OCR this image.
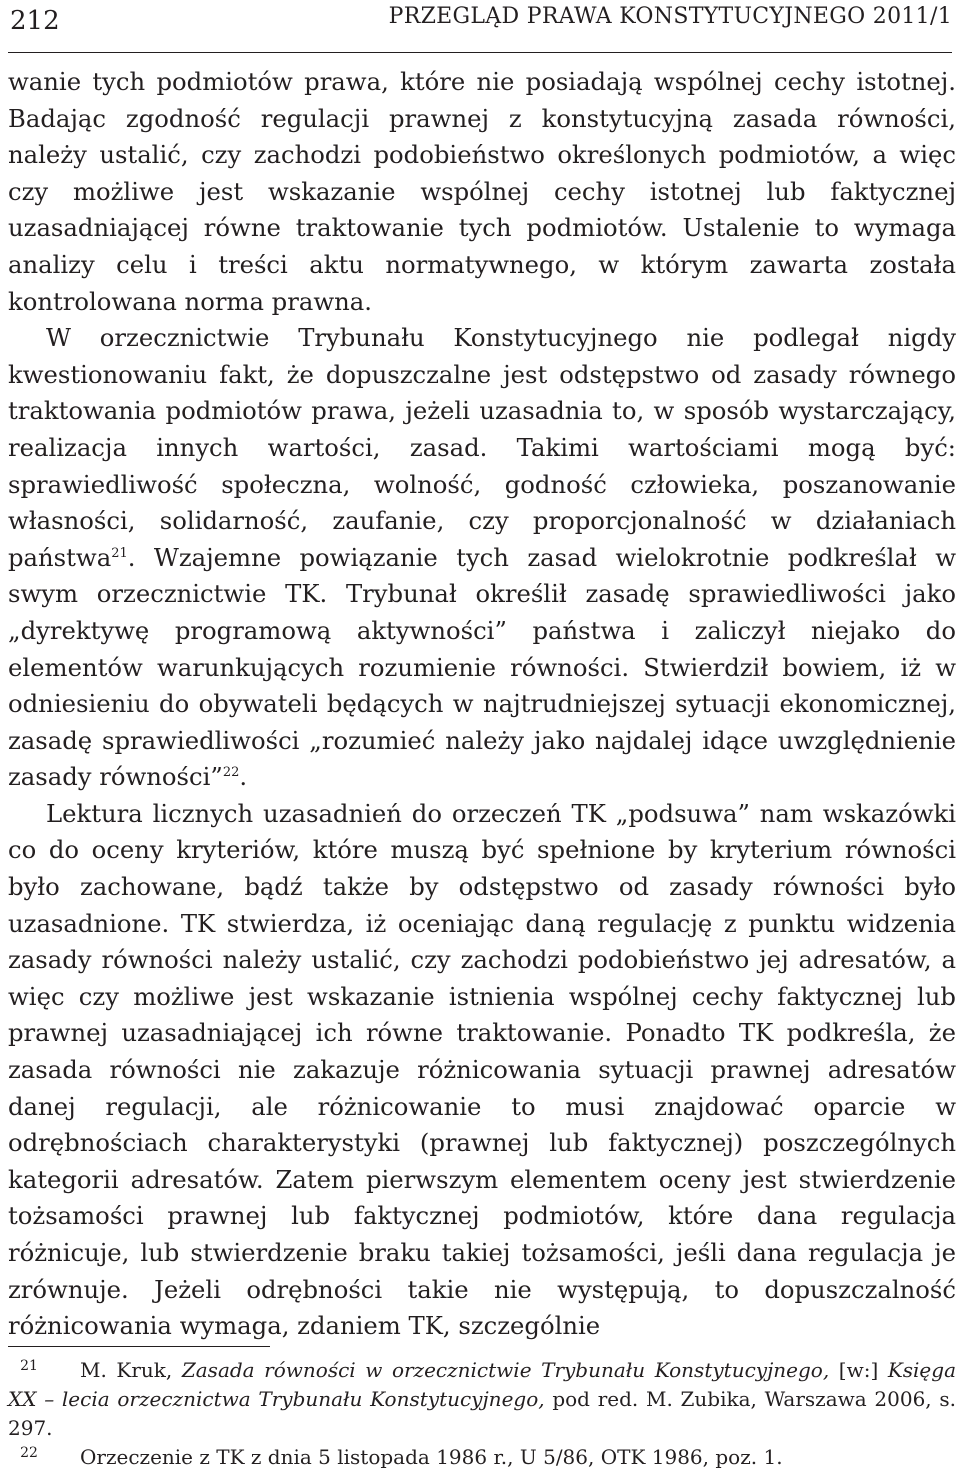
212	PRZEGLĄD PRAWA KONSTYTUCYJNEGO 2011/1

wanie tych podmiotów prawa, które nie posiadają wspólnej cechy istotnej. Badając zgodność regulacji prawnej z konstytucyjną zasada równości, należy ustalić, czy zachodzi podobieństwo określonych podmiotów, a więc czy możliwe jest wskazanie wspólnej cechy istotnej lub faktycznej uzasadniającej równe traktowanie tych podmiotów. Ustalenie to wymaga analizy celu i treści aktu normatywnego, w którym zawarta została kontrolowana norma prawna.

W orzecznictwie Trybunału Konstytucyjnego nie podlegał nigdy kwestionowaniu fakt, że dopuszczalne jest odstępstwo od zasady równego traktowania podmiotów prawa, jeżeli uzasadnia to, w sposób wystarczający, realizacja innych wartości, zasad. Takimi wartościami mogą być: sprawiedliwość społeczna, wolność, godność człowieka, poszanowanie własności, solidarność, zaufanie, czy proporcjonalność w działaniach państwa$^{21}$. Wzajemne powiązanie tych zasad wielokrotnie podkreślał w swym orzecznictwie TK. Trybunał określił zasadę sprawiedliwości jako „dyrektywę programową aktywności” państwa i zaliczył niejako do elementów warunkujących rozumienie równości. Stwierdził bowiem, iż w odniesieniu do obywateli będących w najtrudniejszej sytuacji ekonomicznej, zasadę sprawiedliwości „rozumieć należy jako najdalej idące uwzględnienie zasady równości”$^{22}$.

Lektura licznych uzasadnień do orzeczeń TK „podsuwa” nam wskazówki co do oceny kryteriów, które muszą być spełnione by kryterium równości było zachowane, bądź także by odstępstwo od zasady równości było uzasadnione. TK stwierdza, iż oceniając daną regulację z punktu widzenia zasady równości należy ustalić, czy zachodzi podobieństwo jej adresatów, a więc czy możliwe jest wskazanie istnienia wspólnej cechy faktycznej lub prawnej uzasadniającej ich równe traktowanie. Ponadto TK podkreśla, że zasada równości nie zakazuje różnicowania sytuacji prawnej adresatów danej regulacji, ale różnicowanie to musi znajdować oparcie w odrębnościach charakterystyki (prawnej lub faktycznej) poszczególnych kategorii adresatów. Zatem pierwszym elementem oceny jest stwierdzenie tożsamości prawnej lub faktycznej podmiotów, które dana regulacja różnicuje, lub stwierdzenie braku takiej tożsamości, jeśli dana regulacja je zrównuje. Jeżeli odrębności takie nie występują, to dopuszczalność różnicowania wymaga, zdaniem TK, szczególnie

21 M. Kruk, Zasada równości w orzecznictwie Trybunału Konstytucyjnego, [w:] Księga XX – lecia orzecznictwa Trybunału Konstytucyjnego, pod red. M. Zubika, Warszawa 2006, s. 297.

22 Orzeczenie z TK z dnia 5 listopada 1986 r., U 5/86, OTK 1986, poz. 1.
